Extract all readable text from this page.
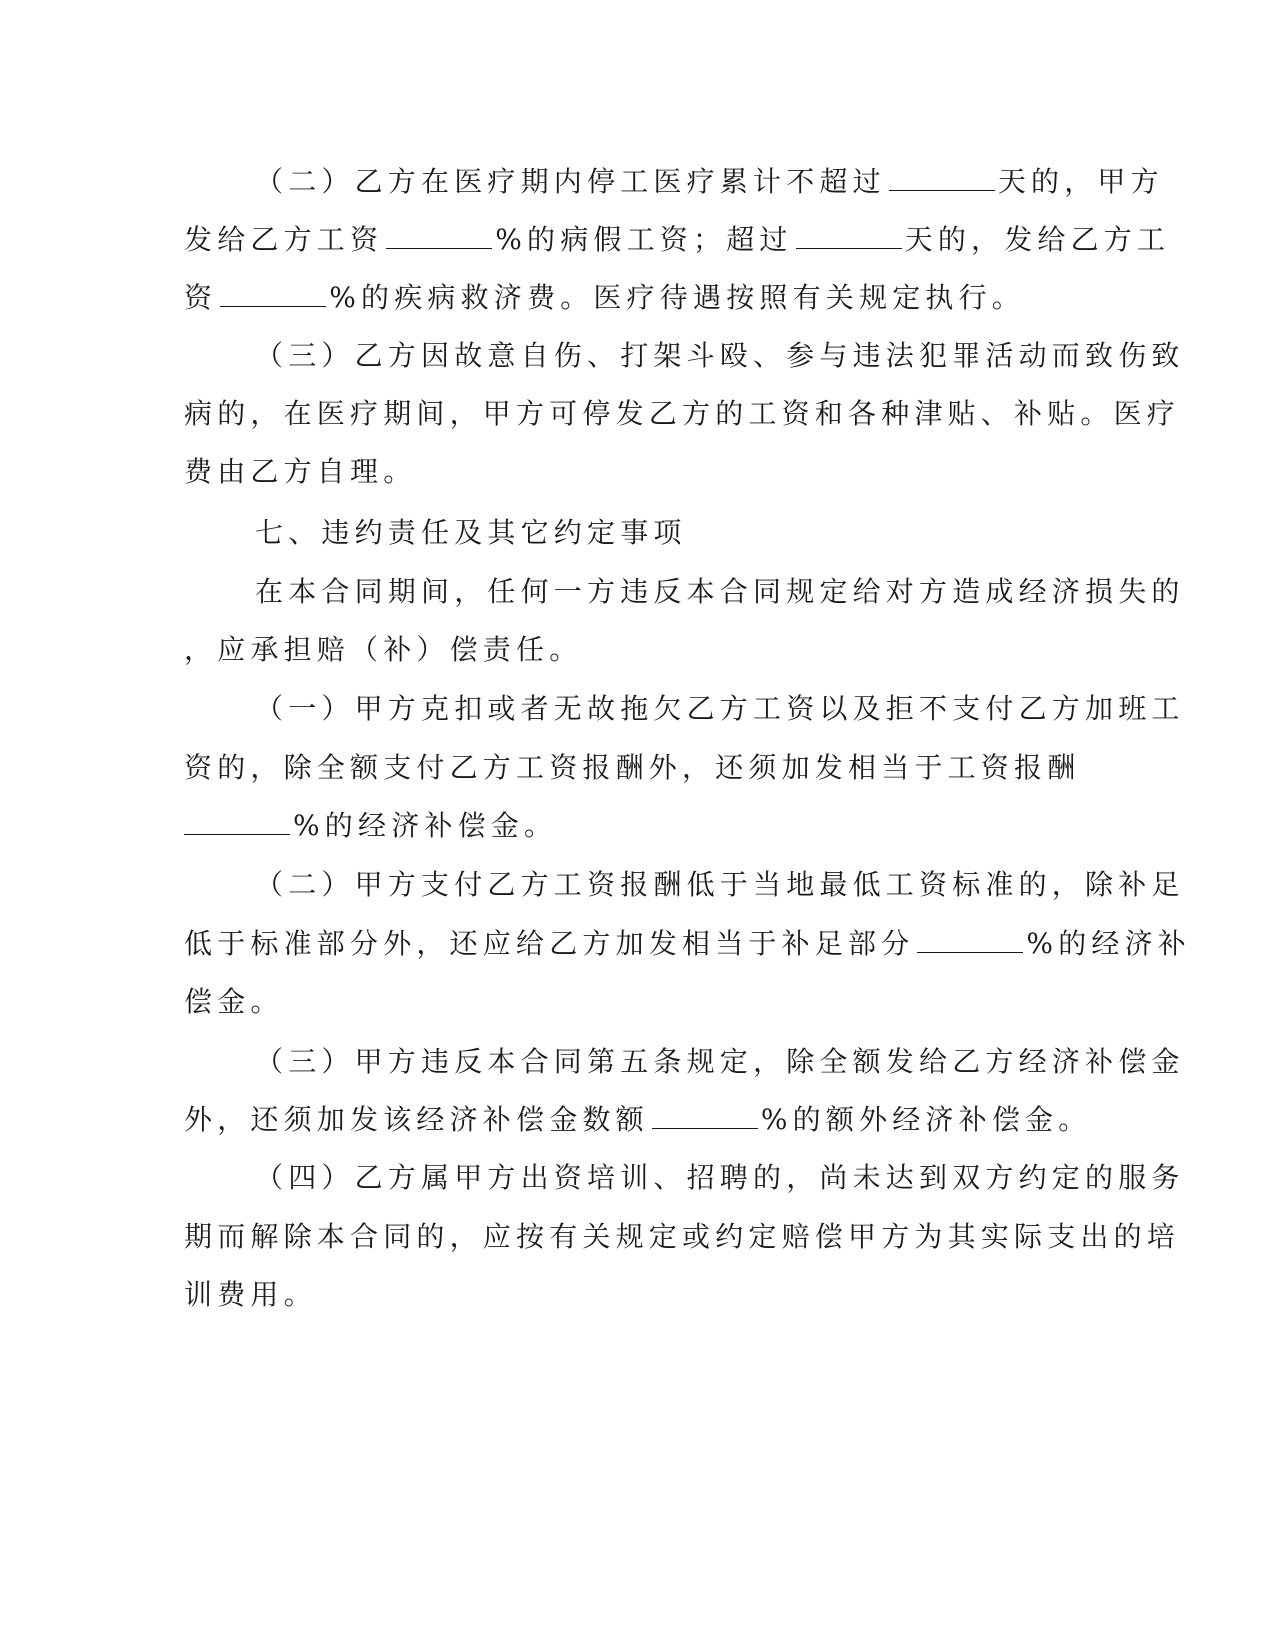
（二）乙方在医疗期内停工医疗累计不超过	天的，甲方

发给乙方工资	%的病假工资；超过	天的，发给乙方工

资	%的疾病救济费。医疗待遇按照有关规定执行。

（三）乙方因故意自伤、打架斗殴、参与违法犯罪活动而致伤致

病的，在医疗期间，甲方可停发乙方的工资和各种津贴、补贴。医疗

费由乙方自理。

七、违约责任及其它约定事项

在本合同期间，任何一方违反本合同规定给对方造成经济损失的

，应承担赔（补）偿责任。

（一）甲方克扣或者无故拖欠乙方工资以及拒不支付乙方加班工

资的，除全额支付乙方工资报酬外，还须加发相当于工资报酬

%的经济补偿金。

（二）甲方支付乙方工资报酬低于当地最低工资标准的，除补足

低于标准部分外，还应给乙方加发相当于补足部分	%的经济补

偿金。

（三）甲方违反本合同第五条规定，除全额发给乙方经济补偿金

外，还须加发该经济补偿金数额	%的额外经济补偿金。

（四）乙方属甲方出资培训、招聘的，尚未达到双方约定的服务

期而解除本合同的，应按有关规定或约定赔偿甲方为其实际支出的培

训费用。
